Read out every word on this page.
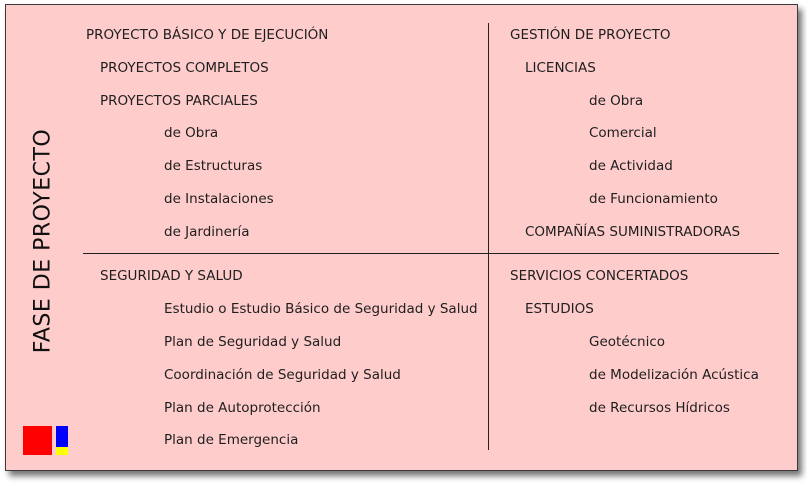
FASE DE PROYECTO
PROYECTO BÁSICO Y DE EJECUCIÓN
PROYECTOS COMPLETOS
PROYECTOS PARCIALES
de Obra
de Estructuras
de Instalaciones
de Jardinería
GESTIÓN DE PROYECTO
LICENCIAS
de Obra
Comercial
de Actividad
de Funcionamiento
COMPAÑÍAS SUMINISTRADORAS
SEGURIDAD Y SALUD
Estudio o Estudio Básico de Seguridad y Salud
Plan de Seguridad y Salud
Coordinación de Seguridad y Salud
Plan de Autoprotección
Plan de Emergencia
SERVICIOS CONCERTADOS
ESTUDIOS
Geotécnico
de Modelización Acústica
de Recursos Hídricos
